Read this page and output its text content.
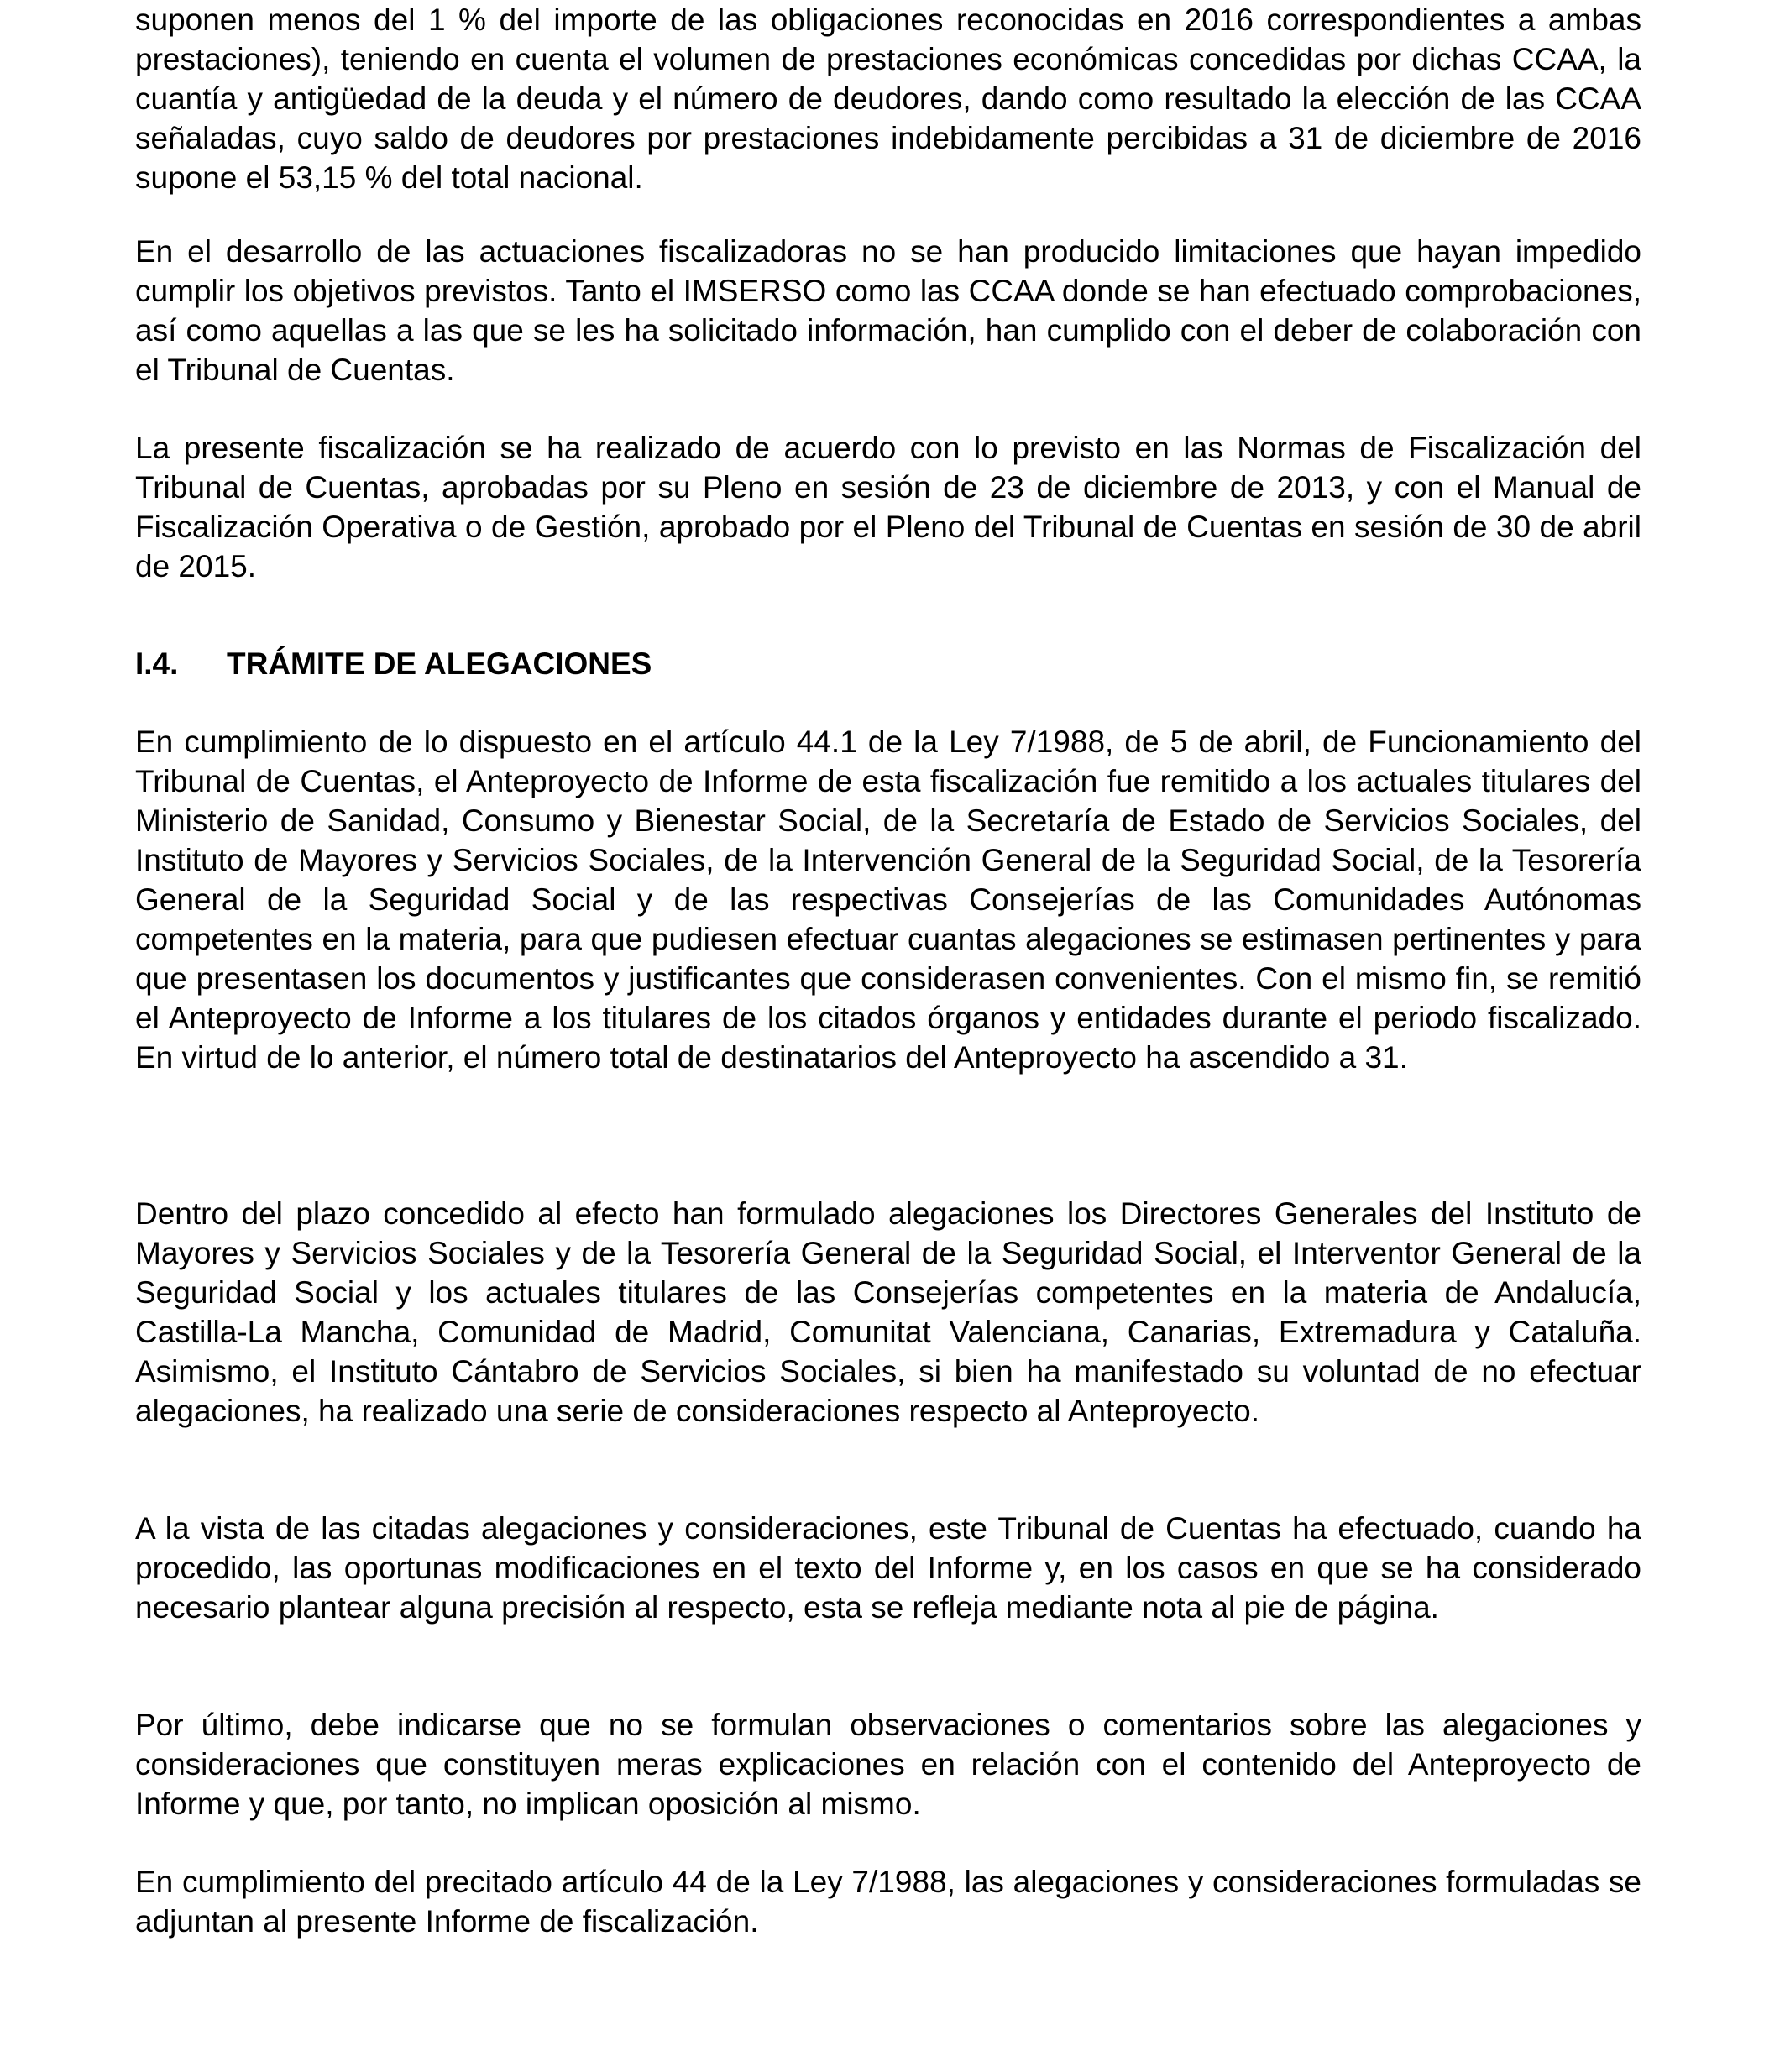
suponen menos del 1 % del importe de las obligaciones reconocidas en 2016 correspondientes a ambas prestaciones), teniendo en cuenta el volumen de prestaciones económicas concedidas por dichas CCAA, la cuantía y antigüedad de la deuda y el número de deudores, dando como resultado la elección de las CCAA señaladas, cuyo saldo de deudores por prestaciones indebidamente percibidas a 31 de diciembre de 2016 supone el 53,15 % del total nacional.

En el desarrollo de las actuaciones fiscalizadoras no se han producido limitaciones que hayan impedido cumplir los objetivos previstos. Tanto el IMSERSO como las CCAA donde se han efectuado comprobaciones, así como aquellas a las que se les ha solicitado información, han cumplido con el deber de colaboración con el Tribunal de Cuentas.

La presente fiscalización se ha realizado de acuerdo con lo previsto en las Normas de Fiscalización del Tribunal de Cuentas, aprobadas por su Pleno en sesión de 23 de diciembre de 2013, y con el Manual de Fiscalización Operativa o de Gestión, aprobado por el Pleno del Tribunal de Cuentas en sesión de 30 de abril de 2015.

I.4. TRÁMITE DE ALEGACIONES

En cumplimiento de lo dispuesto en el artículo 44.1 de la Ley 7/1988, de 5 de abril, de Funcionamiento del Tribunal de Cuentas, el Anteproyecto de Informe de esta fiscalización fue remitido a los actuales titulares del Ministerio de Sanidad, Consumo y Bienestar Social, de la Secretaría de Estado de Servicios Sociales, del Instituto de Mayores y Servicios Sociales, de la Intervención General de la Seguridad Social, de la Tesorería General de la Seguridad Social y de las respectivas Consejerías de las Comunidades Autónomas competentes en la materia, para que pudiesen efectuar cuantas alegaciones se estimasen pertinentes y para que presentasen los documentos y justificantes que considerasen convenientes. Con el mismo fin, se remitió el Anteproyecto de Informe a los titulares de los citados órganos y entidades durante el periodo fiscalizado. En virtud de lo anterior, el número total de destinatarios del Anteproyecto ha ascendido a 31.

Dentro del plazo concedido al efecto han formulado alegaciones los Directores Generales del Instituto de Mayores y Servicios Sociales y de la Tesorería General de la Seguridad Social, el Interventor General de la Seguridad Social y los actuales titulares de las Consejerías competentes en la materia de Andalucía, Castilla-La Mancha, Comunidad de Madrid, Comunitat Valenciana, Canarias, Extremadura y Cataluña. Asimismo, el Instituto Cántabro de Servicios Sociales, si bien ha manifestado su voluntad de no efectuar alegaciones, ha realizado una serie de consideraciones respecto al Anteproyecto.

A la vista de las citadas alegaciones y consideraciones, este Tribunal de Cuentas ha efectuado, cuando ha procedido, las oportunas modificaciones en el texto del Informe y, en los casos en que se ha considerado necesario plantear alguna precisión al respecto, esta se refleja mediante nota al pie de página.

Por último, debe indicarse que no se formulan observaciones o comentarios sobre las alegaciones y consideraciones que constituyen meras explicaciones en relación con el contenido del Anteproyecto de Informe y que, por tanto, no implican oposición al mismo.

En cumplimiento del precitado artículo 44 de la Ley 7/1988, las alegaciones y consideraciones formuladas se adjuntan al presente Informe de fiscalización.
